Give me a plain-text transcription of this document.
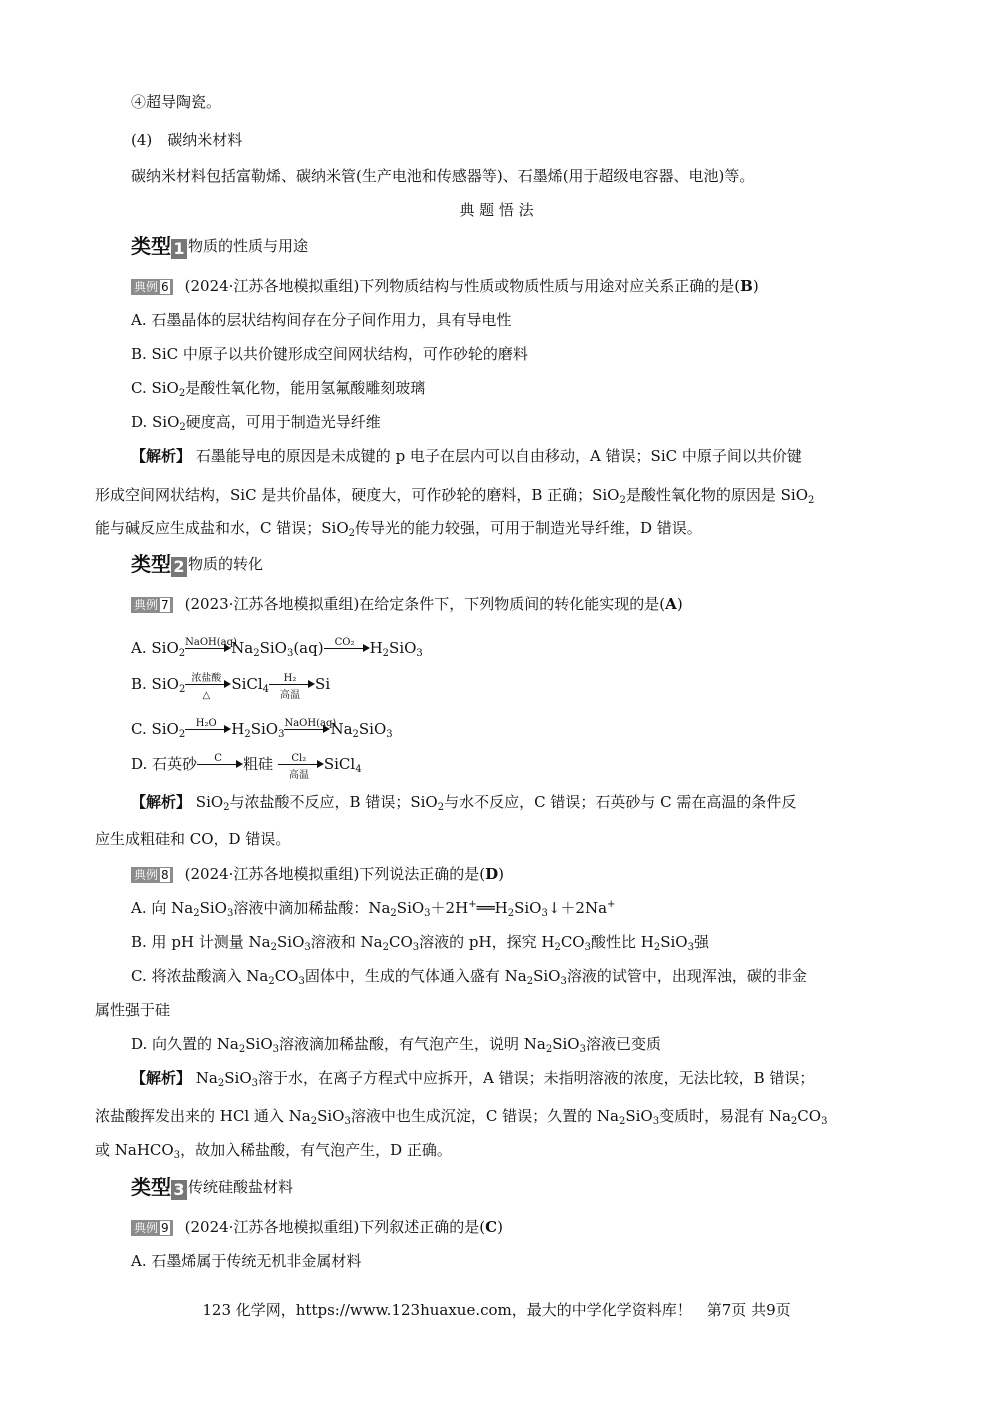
④超导陶瓷。
(4)　碳纳米材料
碳纳米材料包括富勒烯、碳纳米管(生产电池和传感器等)、石墨烯(用于超级电容器、电池)等。
典 题 悟 法
类型 1 物质的性质与用途
典例 6 (2024·江苏各地模拟重组)下列物质结构与性质或物质性质与用途对应关系正确的是(B)
A. 石墨晶体的层状结构间存在分子间作用力，具有导电性
B. SiC 中原子以共价键形成空间网状结构，可作砂轮的磨料
C. SiO$_2$是酸性氧化物，能用氢氟酸雕刻玻璃
D. SiO$_2$硬度高，可用于制造光导纤维
【解析】 石墨能导电的原因是未成键的 p 电子在层内可以自由移动，A 错误；SiC 中原子间以共价键
形成空间网状结构，SiC 是共价晶体，硬度大，可作砂轮的磨料，B 正确；SiO$_2$是酸性氧化物的原因是 SiO$_2$
能与碱反应生成盐和水，C 错误；SiO$_2$传导光的能力较强，可用于制造光导纤维，D 错误。
类型 2 物质的转化
典例 7 (2023·江苏各地模拟重组)在给定条件下，下列物质间的转化能实现的是(A)
A. SiO$_2$
NaOH(aq)
$Na_2SiO_3(aq)$	CO₂	$H_2SiO_3$
B. SiO$_2$
浓盐酸
△
SiCl$_4$
H₂
高温
Si
C. SiO$_2$
H₂O $H_2SiO_3$
NaOH(aq)
$Na_2SiO_3$
D. 石英砂	C	粗硅	Cl₂
高温
SiCl$_4$
【解析】 SiO$_2$与浓盐酸不反应，B 错误；SiO$_2$与水不反应，C 错误；石英砂与 C 需在高温的条件反
应生成粗硅和 CO，D 错误。
典例 8 (2024·江苏各地模拟重组)下列说法正确的是(D)
A. 向 $Na_2SiO_3$溶液中滴加稀盐酸：$Na_2SiO_3+2H^+══H_2SiO_3↓+2Na^+$
B. 用 pH 计测量 $Na_2SiO_3$溶液和 $Na_2CO_3$溶液的 pH，探究 $H_2CO_3$酸性比 $H_2SiO_3$强
C. 将浓盐酸滴入 $Na_2CO_3$固体中，生成的气体通入盛有 $Na_2SiO_3$溶液的试管中，出现浑浊，碳的非金
属性强于硅
D. 向久置的 $Na_2SiO_3$溶液滴加稀盐酸，有气泡产生，说明 $Na_2SiO_3$溶液已变质
【解析】 $Na_2SiO_3$溶于水，在离子方程式中应拆开，A 错误；未指明溶液的浓度，无法比较，B 错误；
浓盐酸挥发出来的 HCl 通入 $Na_2SiO_3$溶液中也生成沉淀，C 错误；久置的 $Na_2SiO_3$变质时，易混有 $Na_2CO_3$
或 NaHCO$_3$，故加入稀盐酸，有气泡产生，D 正确。
类型 3 传统硅酸盐材料
典例 9 (2024·江苏各地模拟重组)下列叙述正确的是(C)
A. 石墨烯属于传统无机非金属材料
123 化学网，https://www.123huaxue.com，最大的中学化学资料库！　第7页 共9页
